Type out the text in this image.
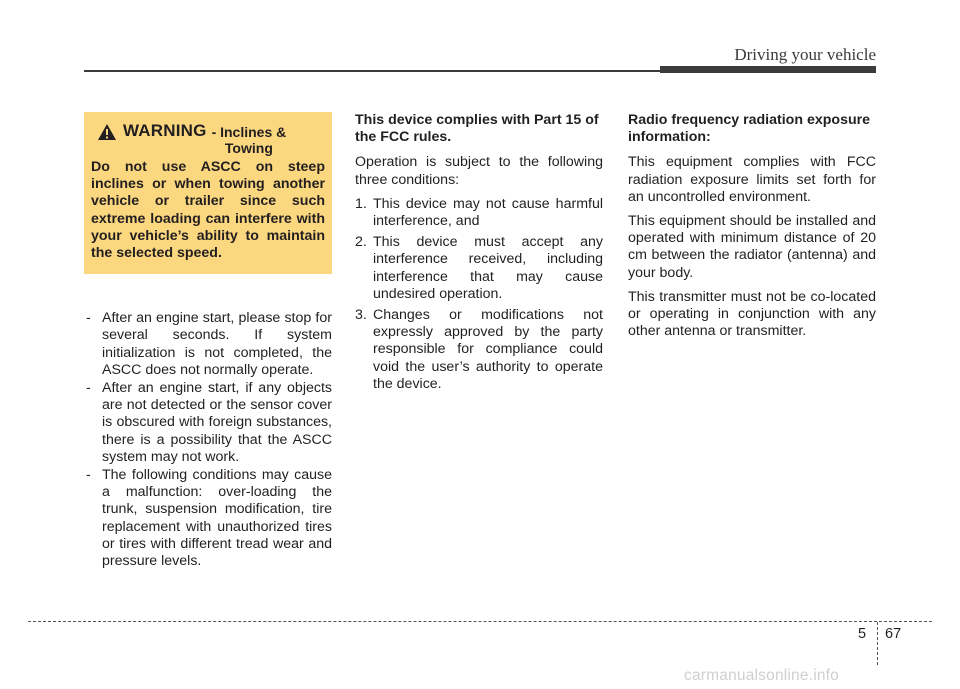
Driving your vehicle
WARNING - Inclines &
Towing
Do not use ASCC on steep inclines or when towing another vehicle or trailer since such extreme loading can interfere with your vehicle’s ability to maintain the selected speed.
- After an engine start, please stop for several seconds. If system initialization is not completed, the ASCC does not normally operate.
- After an engine start, if any objects are not detected or the sensor cover is obscured with foreign substances, there is a possibility that the ASCC system may not work.
- The following conditions may cause a malfunction: over-loading the trunk, suspension modification, tire replacement with unauthorized tires or tires with different tread wear and pressure levels.
This device complies with Part 15 of the FCC rules.
Operation is subject to the following three conditions:
1. This device may not cause harmful interference, and
2. This device must accept any interference received, including interference that may cause undesired operation.
3. Changes or modifications not expressly approved by the party responsible for compliance could void the user’s authority to operate the device.
Radio frequency radiation exposure information:
This equipment complies with FCC radiation exposure limits set forth for an uncontrolled environment.
This equipment should be installed and operated with minimum distance of 20 cm between the radiator (antenna) and your body.
This transmitter must not be co-located or operating in conjunction with any other antenna or transmitter.
5 67
carmanualsonline.info
